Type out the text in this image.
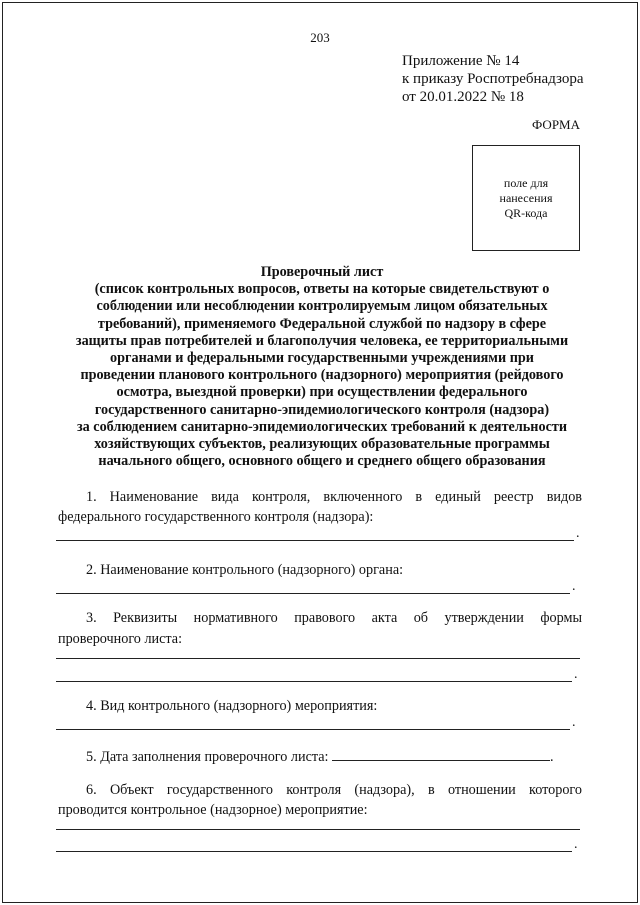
203
Приложение № 14
к приказу Роспотребнадзора
от 20.01.2022 № 18
ФОРМА
поле для
нанесения
QR-кода
Проверочный лист
(список контрольных вопросов, ответы на которые свидетельствуют о
соблюдении или несоблюдении контролируемым лицом обязательных
требований), применяемого Федеральной службой по надзору в сфере
защиты прав потребителей и благополучия человека, ее территориальными
органами и федеральными государственными учреждениями при
проведении планового контрольного (надзорного) мероприятия (рейдового
осмотра, выездной проверки) при осуществлении федерального
государственного санитарно-эпидемиологического контроля (надзора)
за соблюдением санитарно-эпидемиологических требований к деятельности
хозяйствующих субъектов, реализующих образовательные программы
начального общего, основного общего и среднего общего образования
1. Наименование вида контроля, включенного в единый реестр видов
федерального государственного контроля (надзора):
.
2. Наименование контрольного (надзорного) органа:
.
3. Реквизиты нормативного правового акта об утверждении формы
проверочного листа:
.
4. Вид контрольного (надзорного) мероприятия:
.
5. Дата заполнения проверочного листа:	.
6. Объект государственного контроля (надзора), в отношении которого
проводится контрольное (надзорное) мероприятие:
.
